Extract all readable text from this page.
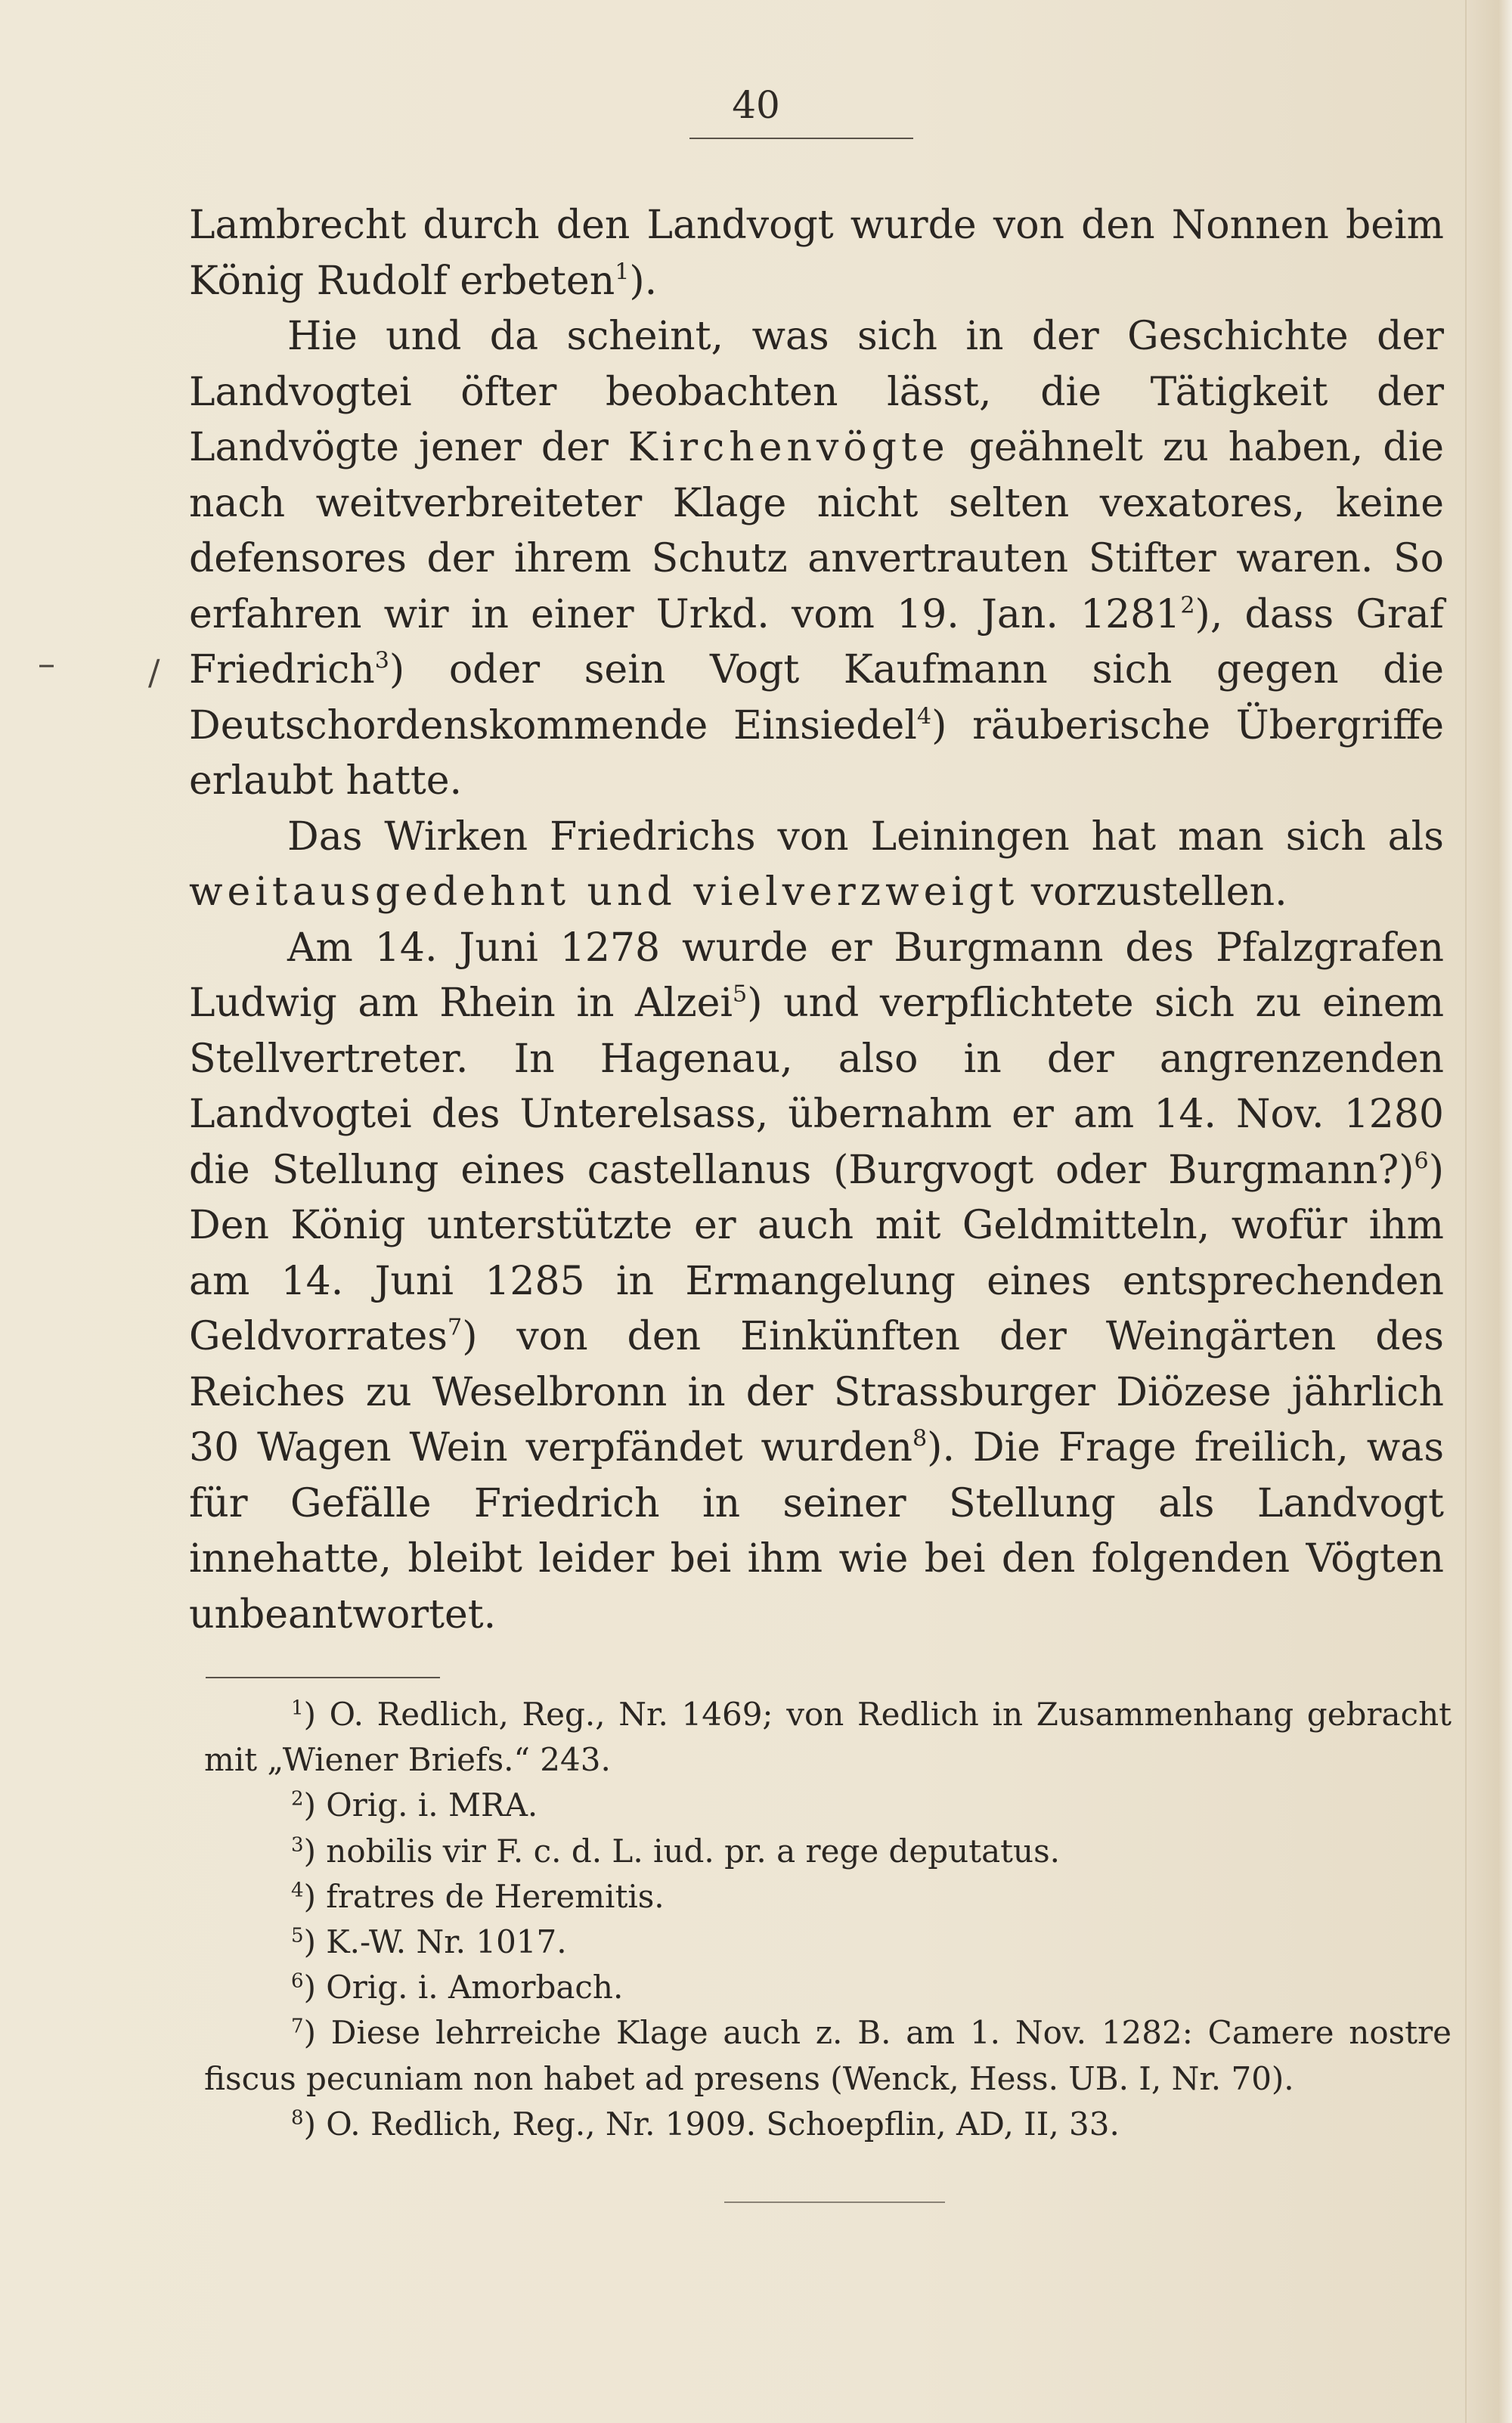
40
–	/

Lambrecht durch den Landvogt wurde von den Nonnen beim König Rudolf erbeten$^1$).

Hie und da scheint, was sich in der Geschichte der Landvogtei öfter beobachten lässt, die Tätigkeit der Landvögte jener der Kirchenvögte geähnelt zu haben, die nach weitverbreiteter Klage nicht selten vexatores, keine defensores der ihrem Schutz anvertrauten Stifter waren. So erfahren wir in einer Urkd. vom 19. Jan. 1281$^2$), dass Graf Friedrich$^3$) oder sein Vogt Kaufmann sich gegen die Deutschordenskommende Einsiedel$^4$) räuberische Übergriffe erlaubt hatte.

Das Wirken Friedrichs von Leiningen hat man sich als weitausgedehnt und vielverzweigt vorzustellen.

Am 14. Juni 1278 wurde er Burgmann des Pfalzgrafen Ludwig am Rhein in Alzei$^5$) und verpflichtete sich zu einem Stellvertreter. In Hagenau, also in der angrenzenden Landvogtei des Unterelsass, übernahm er am 14. Nov. 1280 die Stellung eines castellanus (Burgvogt oder Burgmann?)$^6$) Den König unterstützte er auch mit Geldmitteln, wofür ihm am 14. Juni 1285 in Ermangelung eines entsprechenden Geldvorrates$^7$) von den Einkünften der Weingärten des Reiches zu Weselbronn in der Strassburger Diözese jährlich 30 Wagen Wein verpfändet wurden$^8$). Die Frage freilich, was für Gefälle Friedrich in seiner Stellung als Landvogt innehatte, bleibt leider bei ihm wie bei den folgenden Vögten unbeantwortet.

$^1$) O. Redlich, Reg., Nr. 1469; von Redlich in Zusammenhang gebracht mit „Wiener Briefs.“ 243.

$^2$) Orig. i. MRA.

$^3$) nobilis vir F. c. d. L. iud. pr. a rege deputatus.

$^4$) fratres de Heremitis.

$^5$) K.-W. Nr. 1017.

$^6$) Orig. i. Amorbach.

$^7$) Diese lehrreiche Klage auch z. B. am 1. Nov. 1282: Camere nostre fiscus pecuniam non habet ad presens (Wenck, Hess. UB. I, Nr. 70).

$^8$) O. Redlich, Reg., Nr. 1909. Schoepflin, AD, II, 33.
